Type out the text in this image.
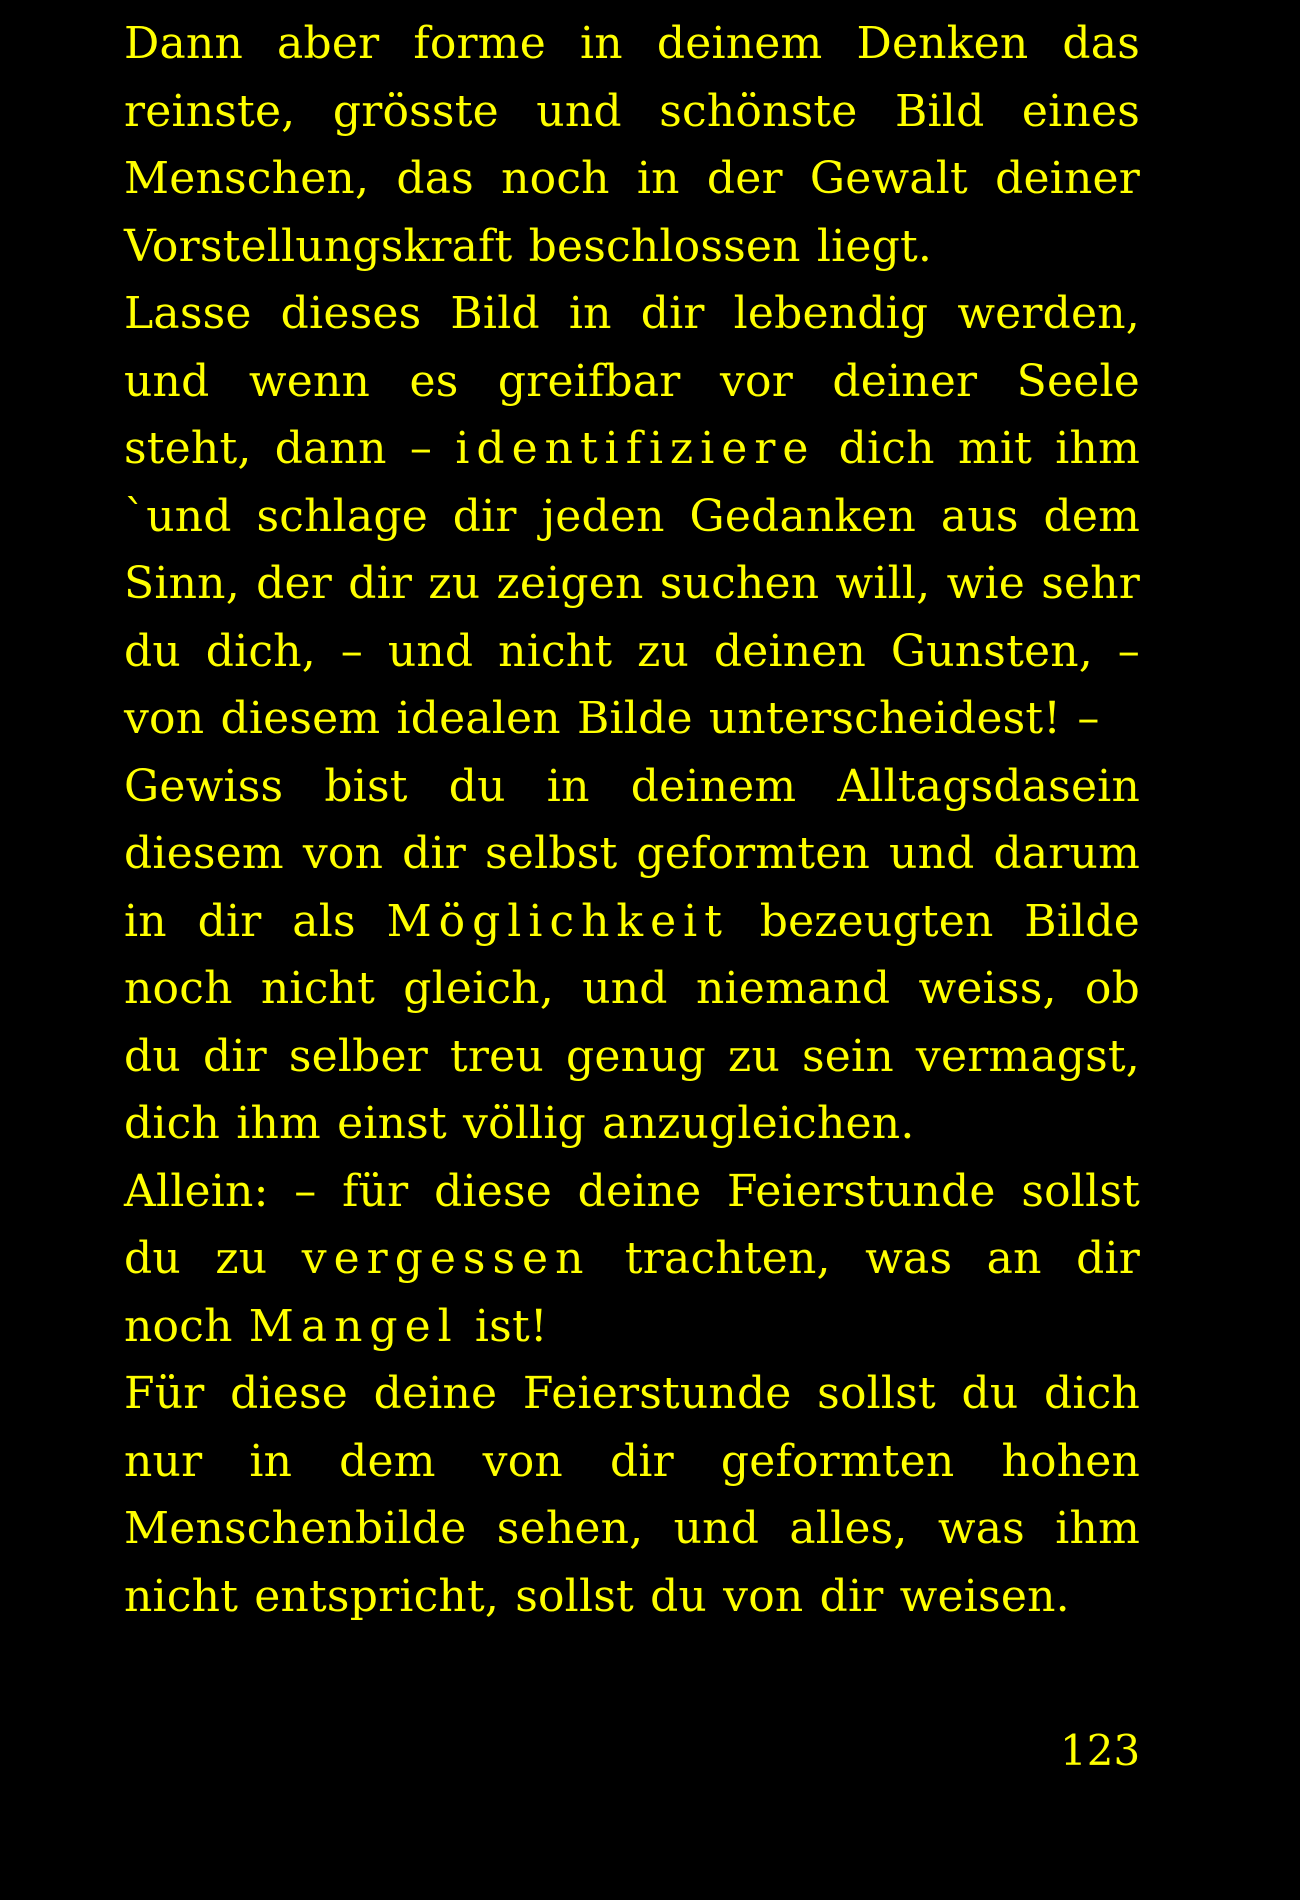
Dann aber forme in deinem Denken das reinste, grösste und schönste Bild eines Menschen, das noch in der Gewalt deiner Vorstellungskraft beschlossen liegt.

Lasse dieses Bild in dir lebendig werden, und wenn es greifbar vor deiner Seele steht, dann – identifiziere dich mit ihm `und schlage dir jeden Gedanken aus dem Sinn, der dir zu zeigen suchen will, wie sehr du dich, – und nicht zu deinen Gunsten, – von diesem idealen Bilde unterscheidest! –

Gewiss bist du in deinem Alltagsdasein diesem von dir selbst geformten und darum in dir als Möglichkeit bezeugten Bilde noch nicht gleich, und niemand weiss, ob du dir selber treu genug zu sein vermagst, dich ihm einst völlig anzugleichen.

Allein: – für diese deine Feierstunde sollst du zu vergessen trachten, was an dir noch Mangel ist!

Für diese deine Feierstunde sollst du dich nur in dem von dir geformten hohen Menschenbilde sehen, und alles, was ihm nicht entspricht, sollst du von dir weisen.

123
